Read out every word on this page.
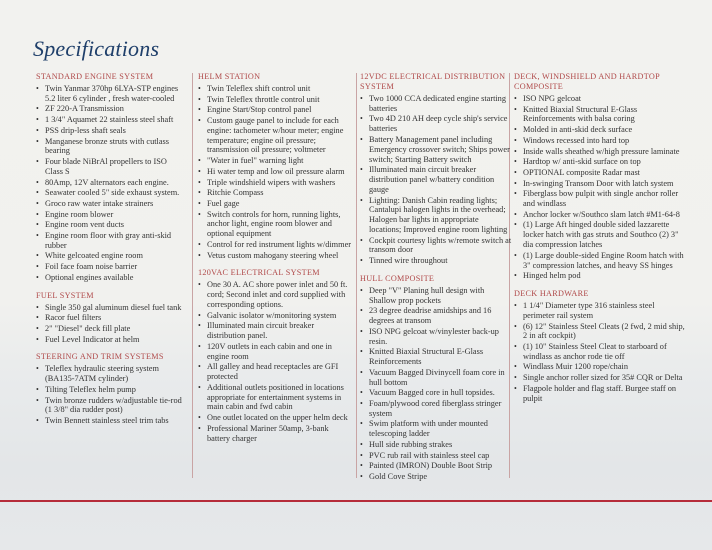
Specifications
STANDARD ENGINE SYSTEM
• Twin Yanmar 370hp 6LYA-STP engines 5.2 liter 6 cylinder , fresh water-cooled
• ZF 220-A Transmission
• 1 3/4" Aquamet 22 stainless steel shaft
• PSS drip-less shaft seals
• Manganese bronze struts with cutlass bearing
• Four blade NiBrAl propellers to ISO Class S
• 80Amp, 12V alternators each engine.
• Seawater cooled 5" side exhaust system.
• Groco raw water intake strainers
• Engine room blower
• Engine room vent ducts
• Engine room floor with gray anti-skid rubber
• White gelcoated engine room
• Foil face foam noise barrier
• Optional engines available
FUEL SYSTEM
• Single 350 gal aluminum diesel fuel tank
• Racor fuel filters
• 2" "Diesel" deck fill plate
• Fuel Level Indicator at helm
STEERING AND TRIM SYSTEMS
• Teleflex hydraulic steering system (BA135-7ATM cylinder)
• Tilting Teleflex helm pump
• Twin bronze rudders w/adjustable tie-rod (1 3/8" dia rudder post)
• Twin Bennett stainless steel trim tabs
HELM STATION
• Twin Teleflex shift control unit
• Twin Teleflex throttle control unit
• Engine Start/Stop control panel
• Custom gauge panel to include for each engine: tachometer w/hour meter; engine temperature; engine oil pressure; transmission oil pressure; voltmeter
• "Water in fuel" warning light
• Hi water temp and low oil pressure alarm
• Triple windshield wipers with washers
• Ritchie Compass
• Fuel gage
• Switch controls for horn, running lights, anchor light, engine room blower and optional equipment
• Control for red instrument lights w/dimmer
• Vetus custom mahogany steering wheel
120VAC ELECTRICAL SYSTEM
• One 30 A. AC shore power inlet and 50 ft. cord; Second inlet and cord supplied with corresponding options.
• Galvanic isolator w/monitoring system
• Illuminated main circuit breaker distribution panel.
• 120V outlets in each cabin and one in engine room
• All galley and head receptacles are GFI protected
• Additional outlets positioned in locations appropriate for entertainment systems in main cabin and fwd cabin
• One outlet located on the upper helm deck
• Professional Mariner 50amp, 3-bank battery charger
12VDC ELECTRICAL DISTRIBUTION SYSTEM
• Two 1000 CCA dedicated engine starting batteries
• Two 4D 210 AH deep cycle ship's service batteries
• Battery Management panel including Emergency crossover switch; Ships power switch; Starting Battery switch
• Illuminated main circuit breaker distribution panel w/battery condition gauge
• Lighting: Danish Cabin reading lights; Cantalupi halogen lights in the overhead; Halogen bar lights in appropriate locations; Improved engine room lighting
• Cockpit courtesy lights w/remote switch at transom door
• Tinned wire throughout
HULL COMPOSITE
• Deep "V" Planing hull design with Shallow prop pockets
• 23 degree deadrise amidships and 16 degrees at transom
• ISO NPG gelcoat w/vinylester back-up resin.
• Knitted Biaxial Structural E-Glass Reinforcements
• Vacuum Bagged Divinycell foam core in hull bottom
• Vacuum Bagged core in hull topsides.
• Foam/plywood cored fiberglass stringer system
• Swim platform with under mounted telescoping ladder
• Hull side rubbing strakes
• PVC rub rail with stainless steel cap
• Painted (IMRON) Double Boot Strip
• Gold Cove Stripe
DECK, WINDSHIELD AND HARDTOP COMPOSITE
• ISO NPG gelcoat
• Knitted Biaxial Structural E-Glass Reinforcements with balsa coring
• Molded in anti-skid deck surface
• Windows recessed into hard top
• Inside walls sheathed w/high pressure laminate
• Hardtop w/ anti-skid surface on top
• OPTIONAL composite Radar mast
• In-swinging Transom Door with latch system
• Fiberglass bow pulpit with single anchor roller and windlass
• Anchor locker w/Southco slam latch #M1-64-8
• (1) Large Aft hinged double sided lazzarette locker hatch with gas struts and Southco (2) 3" dia compression latches
• (1) Large double-sided Engine Room hatch with 3" compression latches, and heavy SS hinges
• Hinged helm pod
DECK HARDWARE
• 1 1/4" Diameter type 316 stainless steel perimeter rail system
• (6) 12" Stainless Steel Cleats (2 fwd, 2 mid ship, 2 in aft cockpit)
• (1) 10" Stainless Steel Cleat to starboard of windlass as anchor rode tie off
• Windlass Muir 1200 rope/chain
• Single anchor roller sized for 35# CQR or Delta
• Flagpole holder and flag staff. Burgee staff on pulpit
